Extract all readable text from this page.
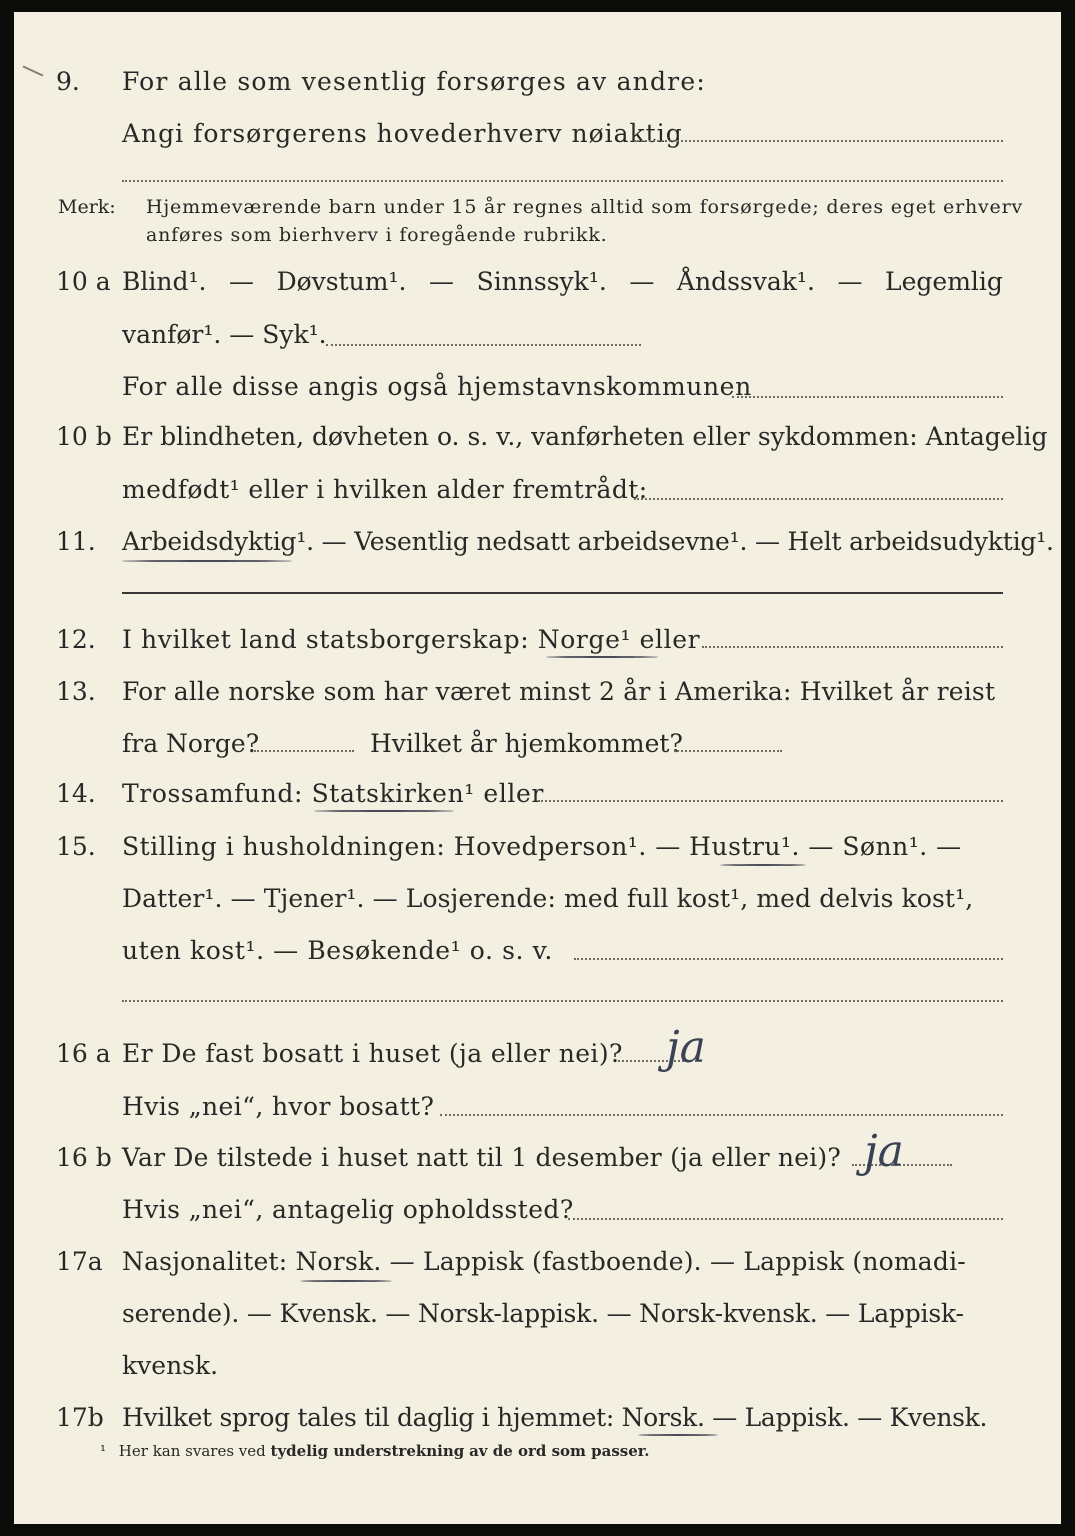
9. For alle som vesentlig forsørges av andre:
Angi forsørgerens hovederhverv nøiaktig
Merk: Hjemmeværende barn under 15 år regnes alltid som forsørgede; deres eget erhverv
anføres som bierhverv i foregående rubrikk.
10 a Blind¹. — Døvstum¹. — Sinnssyk¹. — Åndssvak¹. — Legemlig
vanfør¹. — Syk¹.
For alle disse angis også hjemstavnskommunen
10 b Er blindheten, døvheten o. s. v., vanførheten eller sykdommen: Antagelig
medfødt¹ eller i hvilken alder fremtrådt:
11. Arbeidsdyktig¹. — Vesentlig nedsatt arbeidsevne¹. — Helt arbeidsudyktig¹.
12. I hvilket land statsborgerskap: Norge¹ eller
13. For alle norske som har været minst 2 år i Amerika: Hvilket år reist
fra Norge?	Hvilket år hjemkommet?
14. Trossamfund: Statskirken¹ eller
15. Stilling i husholdningen: Hovedperson¹. — Hustru¹. — Sønn¹. —
Datter¹. — Tjener¹. — Losjerende: med full kost¹, med delvis kost¹,
uten kost¹. — Besøkende¹ o. s. v.
16 a Er De fast bosatt i huset (ja eller nei)? ja
Hvis „nei“, hvor bosatt?
16 b Var De tilstede i huset natt til 1 desember (ja eller nei)? ja
Hvis „nei“, antagelig opholdssted?
17a Nasjonalitet: Norsk. — Lappisk (fastboende). — Lappisk (nomadi-
serende). — Kvensk. — Norsk-lappisk. — Norsk-kvensk. — Lappisk-
kvensk.
17b Hvilket sprog tales til daglig i hjemmet: Norsk. — Lappisk. — Kvensk.
¹ Her kan svares ved tydelig understrekning av de ord som passer.
